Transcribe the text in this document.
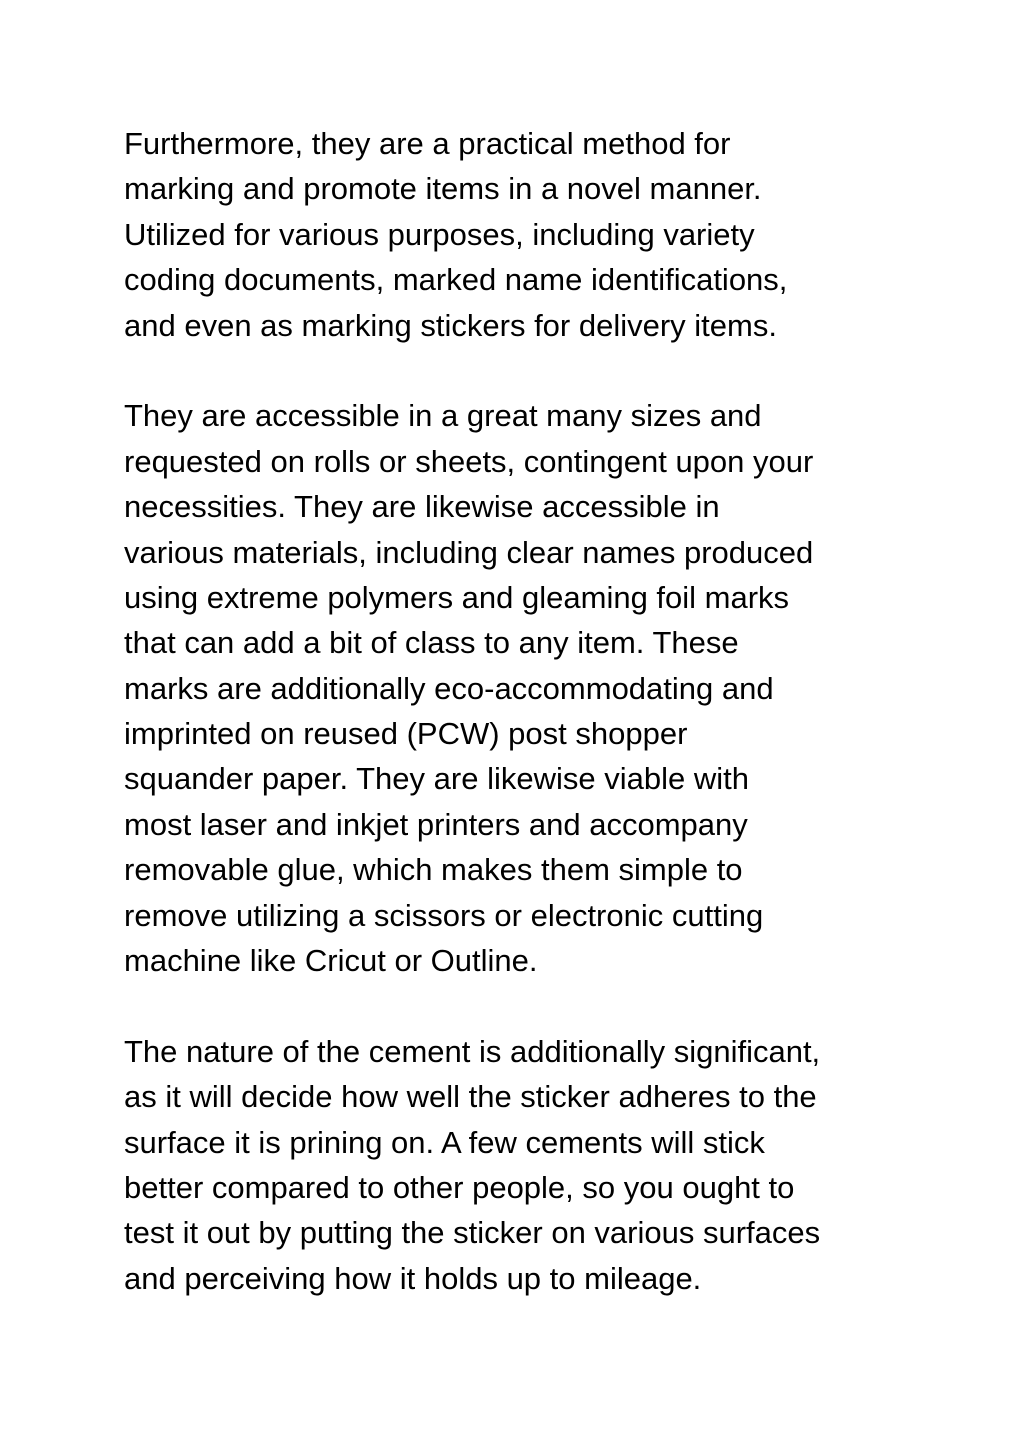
Furthermore, they are a practical method for
marking and promote items in a novel manner.
Utilized for various purposes, including variety
coding documents, marked name identifications,
and even as marking stickers for delivery items.

They are accessible in a great many sizes and
requested on rolls or sheets, contingent upon your
necessities. They are likewise accessible in
various materials, including clear names produced
using extreme polymers and gleaming foil marks
that can add a bit of class to any item. These
marks are additionally eco-accommodating and
imprinted on reused (PCW) post shopper
squander paper. They are likewise viable with
most laser and inkjet printers and accompany
removable glue, which makes them simple to
remove utilizing a scissors or electronic cutting
machine like Cricut or Outline.

The nature of the cement is additionally significant,
as it will decide how well the sticker adheres to the
surface it is prining on. A few cements will stick
better compared to other people, so you ought to
test it out by putting the sticker on various surfaces
and perceiving how it holds up to mileage.
